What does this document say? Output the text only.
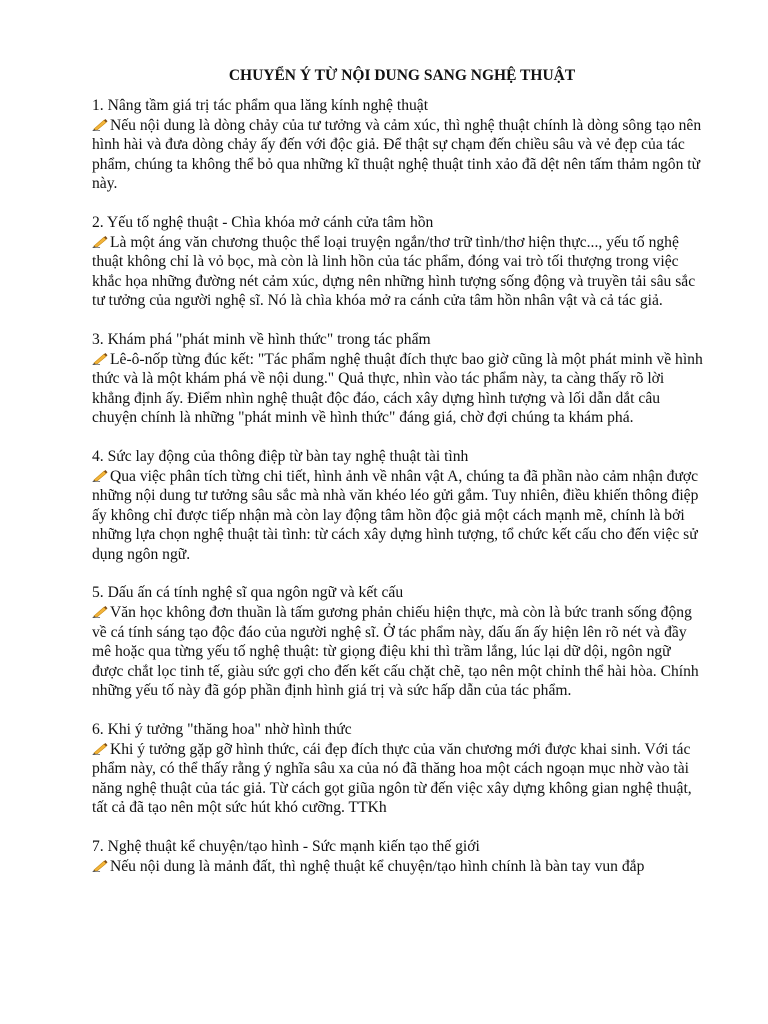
CHUYỂN Ý TỪ NỘI DUNG SANG NGHỆ THUẬT

1. Nâng tầm giá trị tác phẩm qua lăng kính nghệ thuật

Nếu nội dung là dòng chảy của tư tưởng và cảm xúc, thì nghệ thuật chính là dòng sông tạo nên hình hài và đưa dòng chảy ấy đến với độc giả. Để thật sự chạm đến chiều sâu và vẻ đẹp của tác phẩm, chúng ta không thể bỏ qua những kĩ thuật nghệ thuật tinh xảo đã dệt nên tấm thảm ngôn từ này.

2. Yếu tố nghệ thuật - Chìa khóa mở cánh cửa tâm hồn

Là một áng văn chương thuộc thể loại truyện ngắn/thơ trữ tình/thơ hiện thực..., yếu tố nghệ thuật không chỉ là vỏ bọc, mà còn là linh hồn của tác phẩm, đóng vai trò tối thượng trong việc khắc họa những đường nét cảm xúc, dựng nên những hình tượng sống động và truyền tải sâu sắc tư tưởng của người nghệ sĩ. Nó là chìa khóa mở ra cánh cửa tâm hồn nhân vật và cả tác giả.

3. Khám phá "phát minh về hình thức" trong tác phẩm

Lê-ô-nốp từng đúc kết: "Tác phẩm nghệ thuật đích thực bao giờ cũng là một phát minh về hình thức và là một khám phá về nội dung." Quả thực, nhìn vào tác phẩm này, ta càng thấy rõ lời khẳng định ấy. Điểm nhìn nghệ thuật độc đáo, cách xây dựng hình tượng và lối dẫn dắt câu chuyện chính là những "phát minh về hình thức" đáng giá, chờ đợi chúng ta khám phá.

4. Sức lay động của thông điệp từ bàn tay nghệ thuật tài tình

Qua việc phân tích từng chi tiết, hình ảnh về nhân vật A, chúng ta đã phần nào cảm nhận được những nội dung tư tưởng sâu sắc mà nhà văn khéo léo gửi gắm. Tuy nhiên, điều khiến thông điệp ấy không chỉ được tiếp nhận mà còn lay động tâm hồn độc giả một cách mạnh mẽ, chính là bởi những lựa chọn nghệ thuật tài tình: từ cách xây dựng hình tượng, tổ chức kết cấu cho đến việc sử dụng ngôn ngữ.

5. Dấu ấn cá tính nghệ sĩ qua ngôn ngữ và kết cấu

Văn học không đơn thuần là tấm gương phản chiếu hiện thực, mà còn là bức tranh sống động về cá tính sáng tạo độc đáo của người nghệ sĩ. Ở tác phẩm này, dấu ấn ấy hiện lên rõ nét và đầy mê hoặc qua từng yếu tố nghệ thuật: từ giọng điệu khi thì trầm lắng, lúc lại dữ dội, ngôn ngữ được chắt lọc tinh tế, giàu sức gợi cho đến kết cấu chặt chẽ, tạo nên một chỉnh thể hài hòa. Chính những yếu tố này đã góp phần định hình giá trị và sức hấp dẫn của tác phẩm.

6. Khi ý tưởng "thăng hoa" nhờ hình thức

Khi ý tưởng gặp gỡ hình thức, cái đẹp đích thực của văn chương mới được khai sinh. Với tác phẩm này, có thể thấy rằng ý nghĩa sâu xa của nó đã thăng hoa một cách ngoạn mục nhờ vào tài năng nghệ thuật của tác giả. Từ cách gọt giũa ngôn từ đến việc xây dựng không gian nghệ thuật, tất cả đã tạo nên một sức hút khó cưỡng. TTKh

7. Nghệ thuật kể chuyện/tạo hình - Sức mạnh kiến tạo thế giới

Nếu nội dung là mảnh đất, thì nghệ thuật kể chuyện/tạo hình chính là bàn tay vun đắp
